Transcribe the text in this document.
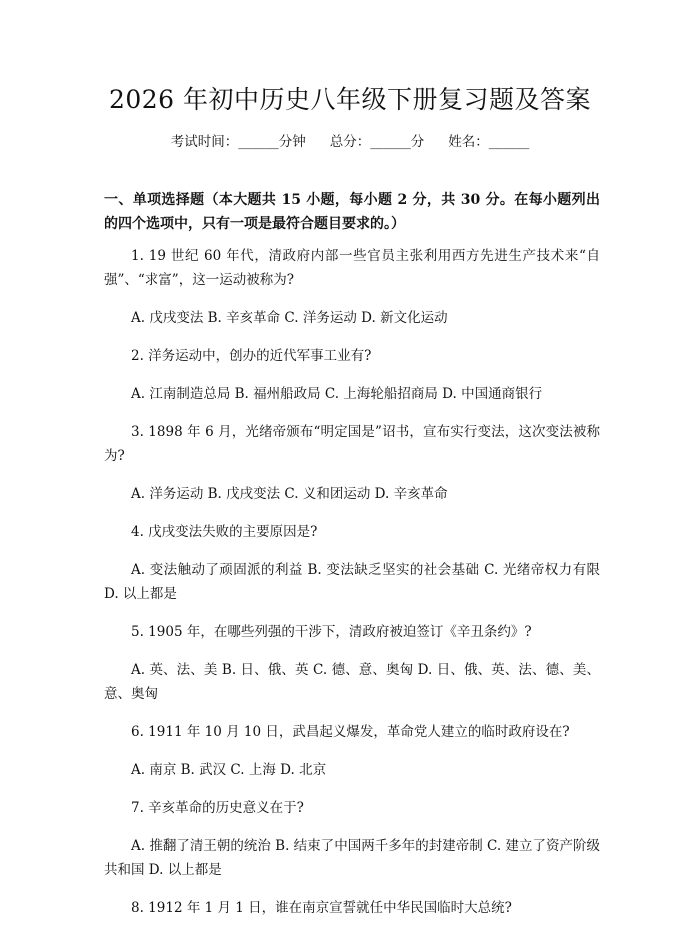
2026 年初中历史八年级下册复习题及答案
考试时间：______分钟 总分：______分 姓名：______
一、单项选择题（本大题共 15 小题，每小题 2 分，共 30 分。在每小题列出的四个选项中，只有一项是最符合题目要求的。）

1. 19 世纪 60 年代，清政府内部一些官员主张利用西方先进生产技术来“自强”、“求富”，这一运动被称为?

A. 戊戌变法 B. 辛亥革命 C. 洋务运动 D. 新文化运动

2. 洋务运动中，创办的近代军事工业有?

A. 江南制造总局 B. 福州船政局 C. 上海轮船招商局 D. 中国通商银行

3. 1898 年 6 月，光绪帝颁布“明定国是”诏书，宣布实行变法，这次变法被称为?

A. 洋务运动 B. 戊戌变法 C. 义和团运动 D. 辛亥革命

4. 戊戌变法失败的主要原因是?

A. 变法触动了顽固派的利益 B. 变法缺乏坚实的社会基础 C. 光绪帝权力有限 D. 以上都是

5. 1905 年，在哪些列强的干涉下，清政府被迫签订《辛丑条约》?

A. 英、法、美 B. 日、俄、英 C. 德、意、奥匈 D. 日、俄、英、法、德、美、意、奥匈

6. 1911 年 10 月 10 日，武昌起义爆发，革命党人建立的临时政府设在?

A. 南京 B. 武汉 C. 上海 D. 北京

7. 辛亥革命的历史意义在于?

A. 推翻了清王朝的统治 B. 结束了中国两千多年的封建帝制 C. 建立了资产阶级共和国 D. 以上都是

8. 1912 年 1 月 1 日，谁在南京宣誓就任中华民国临时大总统?
